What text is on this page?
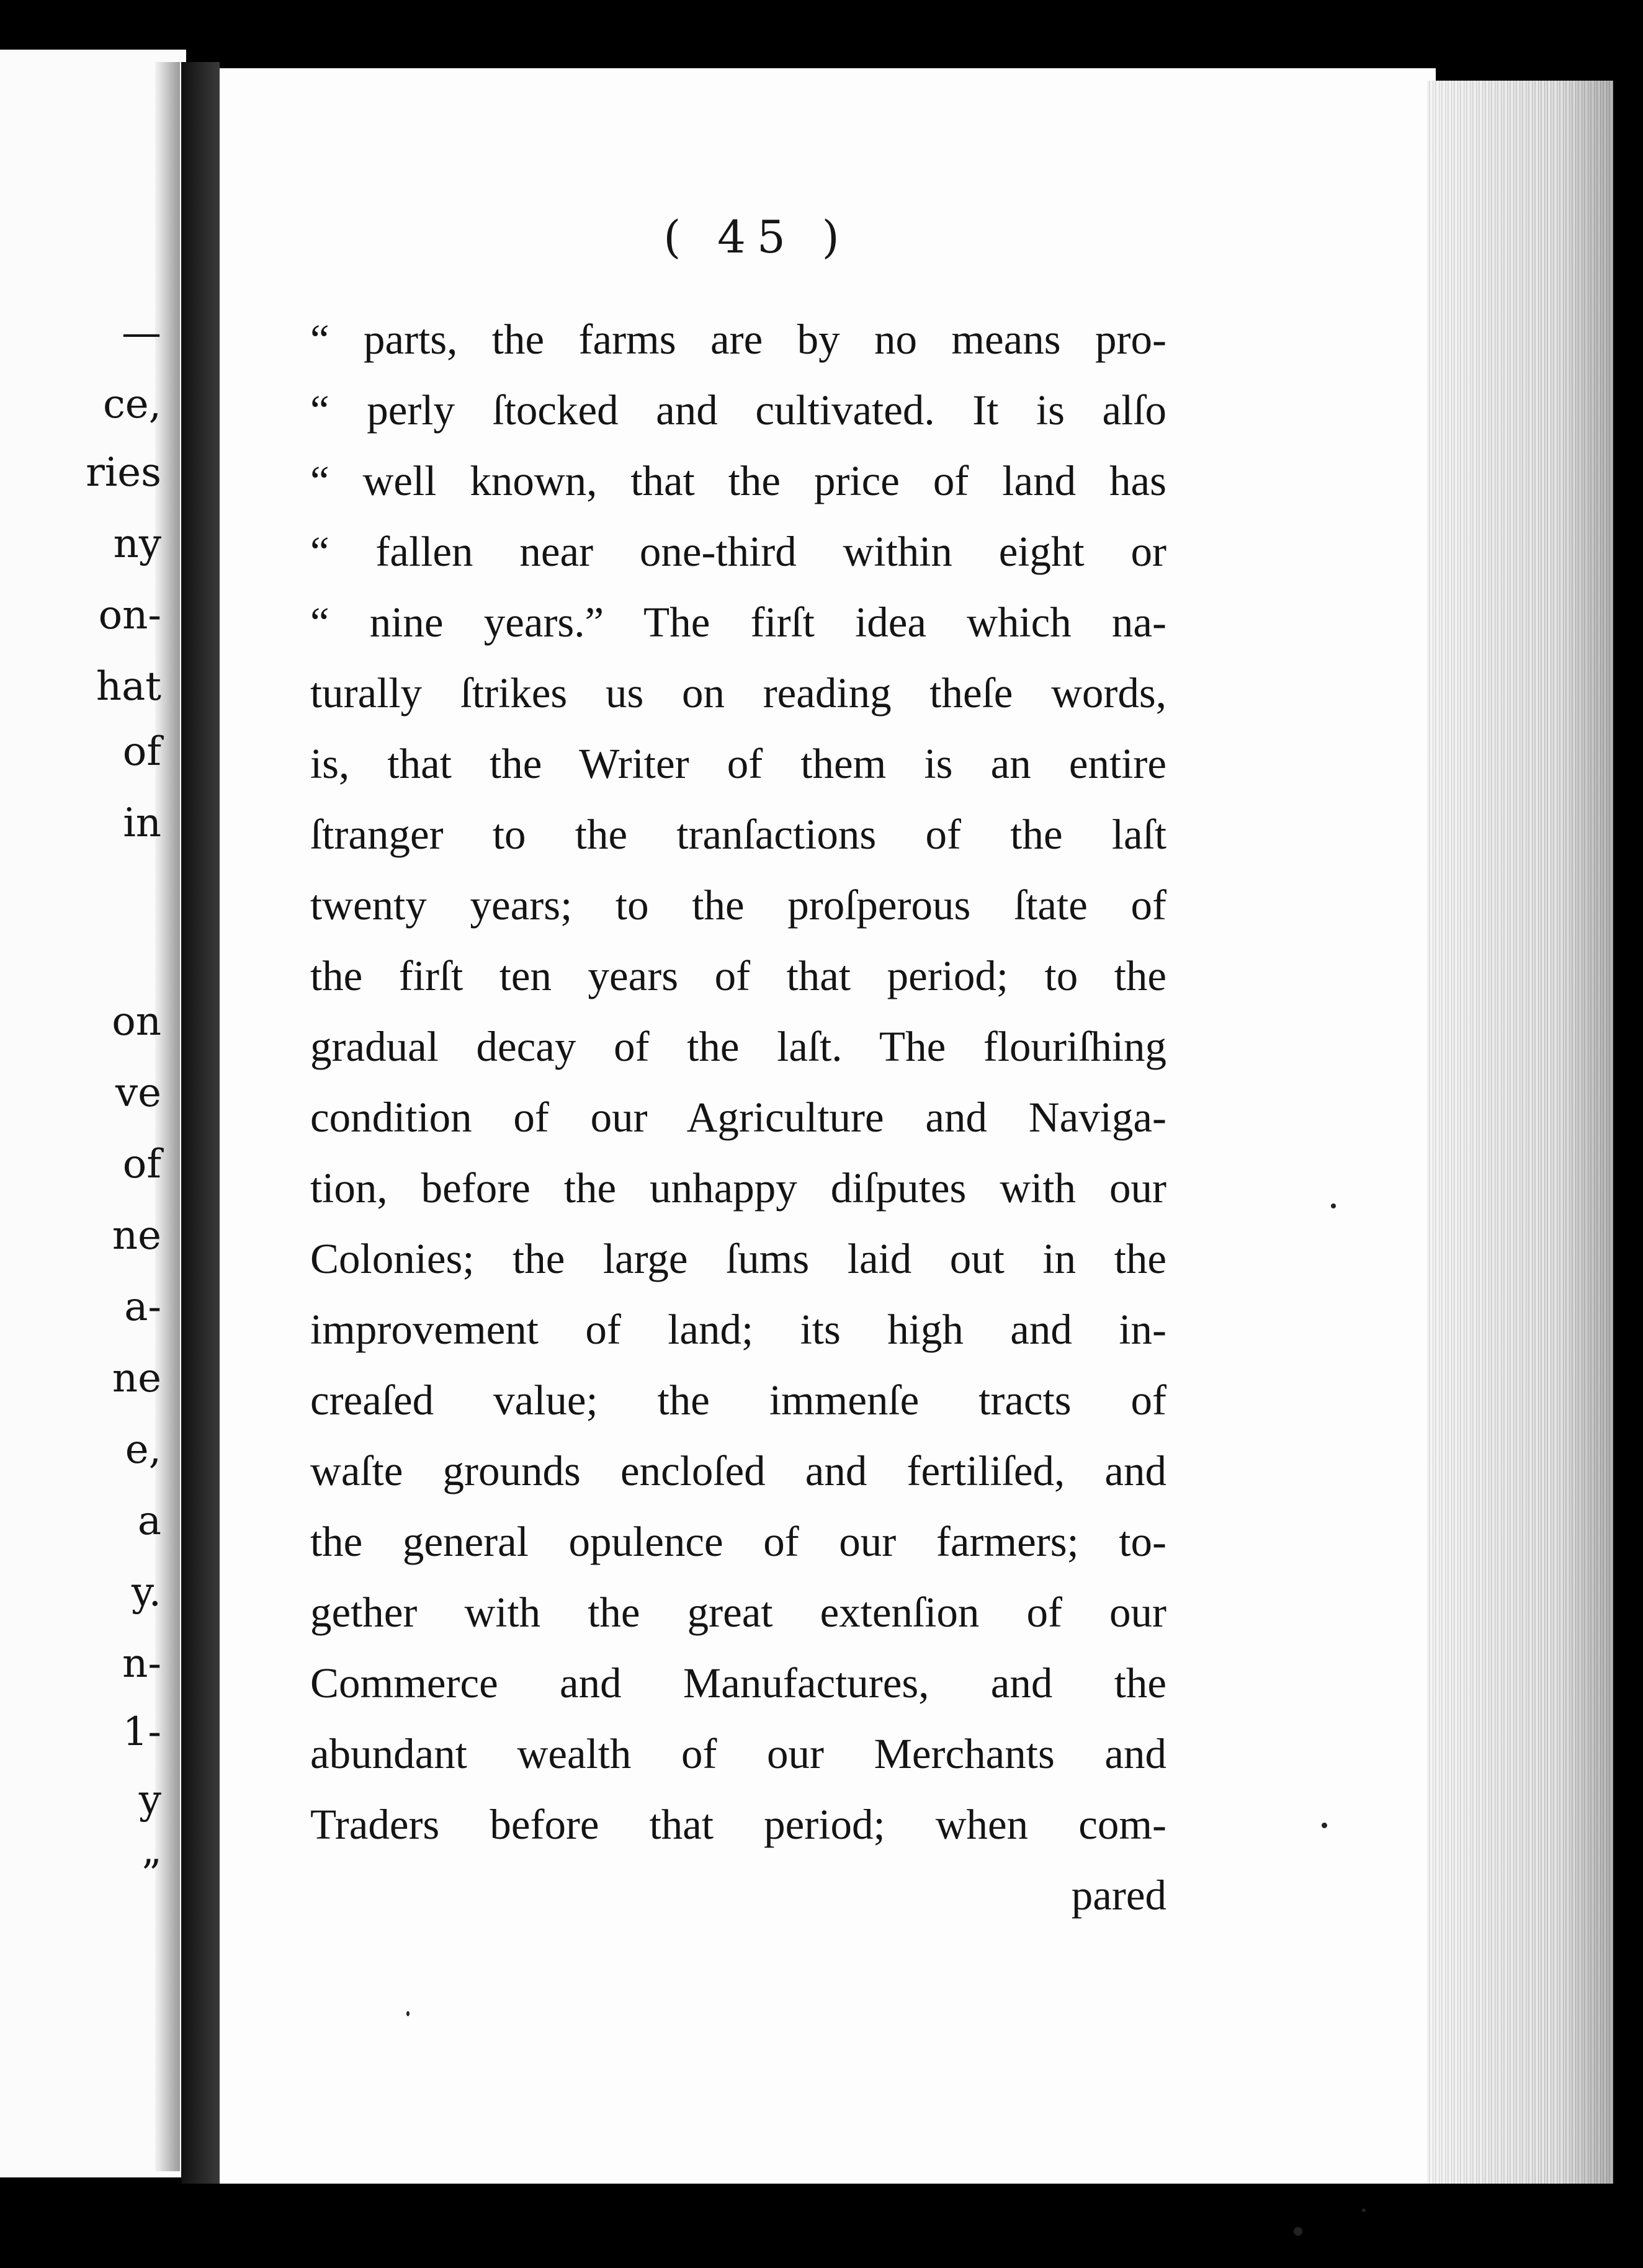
—
ce,
ries
ny
on-
hat
of
in
on
ve
of
ne
a-
ne
e,
a
y.
n-
1-
y
”
( 45 )
“ parts, the farms are by no means pro-
“ perly ſtocked and cultivated. It is alſo
“ well known, that the price of land has
“ fallen near one-third within eight or
“ nine years.” The firſt idea which na-
turally ſtrikes us on reading theſe words,
is, that the Writer of them is an entire
ſtranger to the tranſactions of the laſt
twenty years; to the proſperous ſtate of
the firſt ten years of that period; to the
gradual decay of the laſt. The flouriſhing
condition of our Agriculture and Naviga-
tion, before the unhappy diſputes with our
Colonies; the large ſums laid out in the
improvement of land; its high and in-
creaſed value; the immenſe tracts of
waſte grounds encloſed and fertiliſed, and
the general opulence of our farmers; to-
gether with the great extenſion of our
Commerce and Manufactures, and the
abundant wealth of our Merchants and
Traders before that period; when com-
pared
